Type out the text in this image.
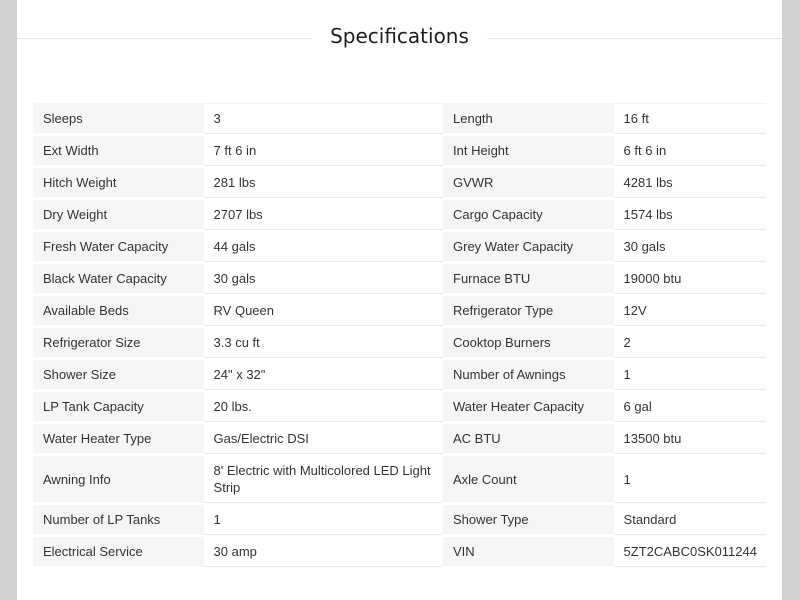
Specifications
Sleeps	3	Length	16 ft
Ext Width	7 ft 6 in	Int Height	6 ft 6 in
Hitch Weight	281 lbs	GVWR	4281 lbs
Dry Weight	2707 lbs	Cargo Capacity	1574 lbs
Fresh Water Capacity	44 gals	Grey Water Capacity	30 gals
Black Water Capacity	30 gals	Furnace BTU	19000 btu
Available Beds	RV Queen	Refrigerator Type	12V
Refrigerator Size	3.3 cu ft	Cooktop Burners	2
Shower Size	24" x 32"	Number of Awnings	1
LP Tank Capacity	20 lbs.	Water Heater Capacity	6 gal
Water Heater Type	Gas/Electric DSI	AC BTU	13500 btu
Awning Info	8' Electric with Multicolored LED Light Strip	Axle Count	1
Number of LP Tanks	1	Shower Type	Standard
Electrical Service	30 amp	VIN	5ZT2CABC0SK011244
